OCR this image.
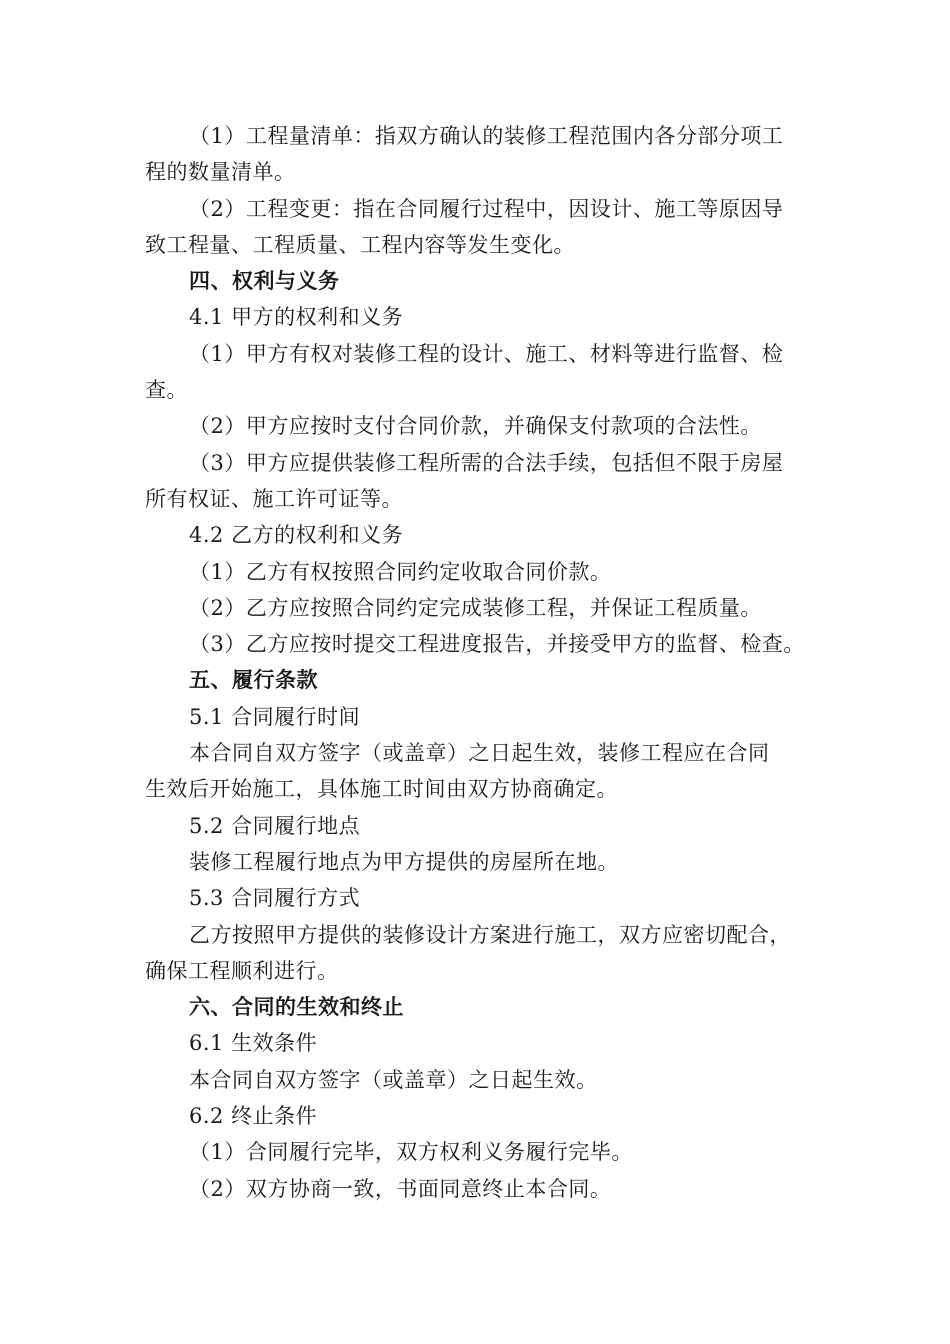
（1）工程量清单：指双方确认的装修工程范围内各分部分项工
程的数量清单。
（2）工程变更：指在合同履行过程中，因设计、施工等原因导
致工程量、工程质量、工程内容等发生变化。
四、权利与义务
4.1 甲方的权利和义务
（1）甲方有权对装修工程的设计、施工、材料等进行监督、检
查。
（2）甲方应按时支付合同价款，并确保支付款项的合法性。
（3）甲方应提供装修工程所需的合法手续，包括但不限于房屋
所有权证、施工许可证等。
4.2 乙方的权利和义务
（1）乙方有权按照合同约定收取合同价款。
（2）乙方应按照合同约定完成装修工程，并保证工程质量。
（3）乙方应按时提交工程进度报告，并接受甲方的监督、检查。
五、履行条款
5.1 合同履行时间
本合同自双方签字（或盖章）之日起生效，装修工程应在合同
生效后开始施工，具体施工时间由双方协商确定。
5.2 合同履行地点
装修工程履行地点为甲方提供的房屋所在地。
5.3 合同履行方式
乙方按照甲方提供的装修设计方案进行施工，双方应密切配合，
确保工程顺利进行。
六、合同的生效和终止
6.1 生效条件
本合同自双方签字（或盖章）之日起生效。
6.2 终止条件
（1）合同履行完毕，双方权利义务履行完毕。
（2）双方协商一致，书面同意终止本合同。
